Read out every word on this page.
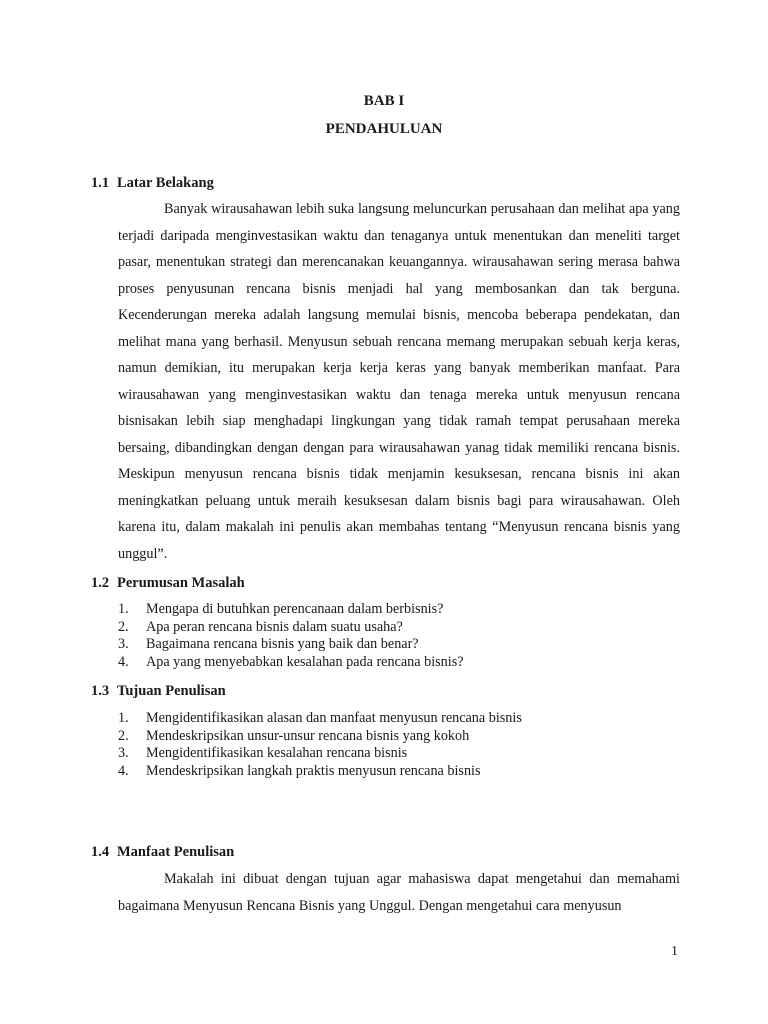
BAB I

PENDAHULUAN

1.1 Latar Belakang

Banyak wirausahawan lebih suka langsung meluncurkan perusahaan dan melihat apa yang terjadi daripada menginvestasikan waktu dan tenaganya untuk menentukan dan meneliti target pasar, menentukan strategi dan merencanakan keuangannya. wirausahawan sering merasa bahwa proses penyusunan rencana bisnis menjadi hal yang membosankan dan tak berguna. Kecenderungan mereka adalah langsung memulai bisnis, mencoba beberapa pendekatan, dan melihat mana yang berhasil. Menyusun sebuah rencana memang merupakan sebuah kerja keras, namun demikian, itu merupakan kerja kerja keras yang banyak memberikan manfaat. Para wirausahawan yang menginvestasikan waktu dan tenaga mereka untuk menyusun rencana bisnisakan lebih siap menghadapi lingkungan yang tidak ramah tempat perusahaan mereka bersaing, dibandingkan dengan dengan para wirausahawan yanag tidak memiliki rencana bisnis. Meskipun menyusun rencana bisnis tidak menjamin kesuksesan, rencana bisnis ini akan meningkatkan peluang untuk meraih kesuksesan dalam bisnis bagi para wirausahawan. Oleh karena itu, dalam makalah ini penulis akan membahas tentang “Menyusun rencana bisnis yang unggul”.

1.2 Perumusan Masalah

1. Mengapa di butuhkan perencanaan dalam berbisnis?
2. Apa peran rencana bisnis dalam suatu usaha?
3. Bagaimana rencana bisnis yang baik dan benar?
4. Apa yang menyebabkan kesalahan pada rencana bisnis?

1.3 Tujuan Penulisan

1. Mengidentifikasikan alasan dan manfaat menyusun rencana bisnis
2. Mendeskripsikan unsur-unsur rencana bisnis yang kokoh
3. Mengidentifikasikan kesalahan rencana bisnis
4. Mendeskripsikan langkah praktis menyusun rencana bisnis

1.4 Manfaat Penulisan

Makalah ini dibuat dengan tujuan agar mahasiswa dapat mengetahui dan memahami bagaimana Menyusun Rencana Bisnis yang Unggul. Dengan mengetahui cara menyusun

1
